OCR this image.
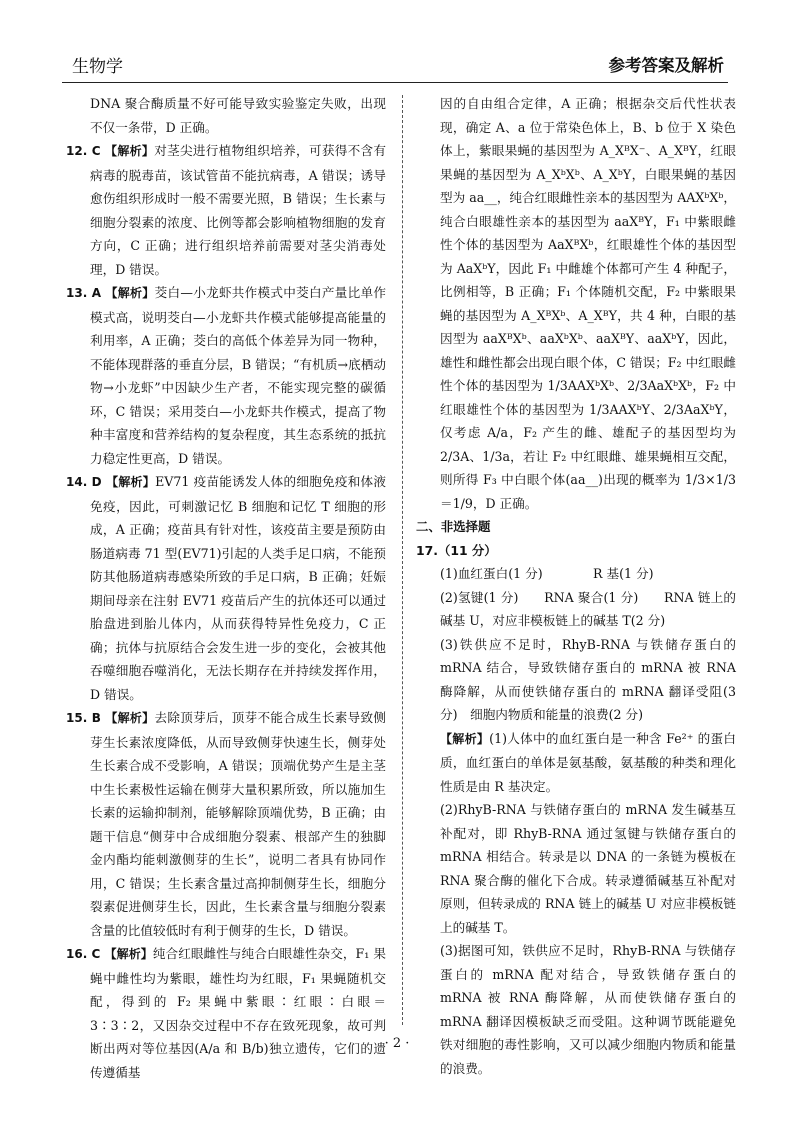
生物学	参考答案及解析

DNA 聚合酶质量不好可能导致实验鉴定失败，出现不仅一条带，D 正确。

12. C 【解析】对茎尖进行植物组织培养，可获得不含有病毒的脱毒苗，该试管苗不能抗病毒，A 错误；诱导愈伤组织形成时一般不需要光照，B 错误；生长素与细胞分裂素的浓度、比例等都会影响植物细胞的发育方向，C 正确；进行组织培养前需要对茎尖消毒处理，D 错误。

13. A 【解析】茭白—小龙虾共作模式中茭白产量比单作模式高，说明茭白—小龙虾共作模式能够提高能量的利用率，A 正确；茭白的高低个体差异为同一物种，不能体现群落的垂直分层，B 错误；“有机质→底栖动物→小龙虾”中因缺少生产者，不能实现完整的碳循环，C 错误；采用茭白—小龙虾共作模式，提高了物种丰富度和营养结构的复杂程度，其生态系统的抵抗力稳定性更高，D 错误。

14. D 【解析】EV71 疫苗能诱发人体的细胞免疫和体液免疫，因此，可刺激记忆 B 细胞和记忆 T 细胞的形成，A 正确；疫苗具有针对性，该疫苗主要是预防由肠道病毒 71 型(EV71)引起的人类手足口病，不能预防其他肠道病毒感染所致的手足口病，B 正确；妊娠期间母亲在注射 EV71 疫苗后产生的抗体还可以通过胎盘进到胎儿体内，从而获得特异性免疫力，C 正确；抗体与抗原结合会发生进一步的变化，会被其他吞噬细胞吞噬消化，无法长期存在并持续发挥作用，D 错误。

15. B 【解析】去除顶芽后，顶芽不能合成生长素导致侧芽生长素浓度降低，从而导致侧芽快速生长，侧芽处生长素合成不受影响，A 错误；顶端优势产生是主茎中生长素极性运输在侧芽大量积累所致，所以施加生长素的运输抑制剂，能够解除顶端优势，B 正确；由题干信息“侧芽中合成细胞分裂素、根部产生的独脚金内酯均能刺激侧芽的生长”，说明二者具有协同作用，C 错误；生长素含量过高抑制侧芽生长，细胞分裂素促进侧芽生长，因此，生长素含量与细胞分裂素含量的比值较低时有利于侧芽的生长，D 错误。

16. C 【解析】纯合红眼雌性与纯合白眼雄性杂交，F₁ 果蝇中雌性均为紫眼，雄性均为红眼，F₁ 果蝇随机交配，得到的 F₂ 果蝇中紫眼∶红眼∶白眼＝3∶3∶2，又因杂交过程中不存在致死现象，故可判断出两对等位基因(A/a 和 B/b)独立遗传，它们的遗传遵循基

因的自由组合定律，A 正确；根据杂交后代性状表现，确定 A、a 位于常染色体上，B、b 位于 X 染色体上，紫眼果蝇的基因型为 A_XᴮX⁻、A_XᴮY，红眼果蝇的基因型为 A_XᵇXᵇ、A_XᵇY，白眼果蝇的基因型为 aa__，纯合红眼雌性亲本的基因型为 AAXᵇXᵇ，纯合白眼雄性亲本的基因型为 aaXᴮY，F₁ 中紫眼雌性个体的基因型为 AaXᴮXᵇ，红眼雄性个体的基因型为 AaXᵇY，因此 F₁ 中雌雄个体都可产生 4 种配子，比例相等，B 正确；F₁ 个体随机交配，F₂ 中紫眼果蝇的基因型为 A_XᴮXᵇ、A_XᴮY，共 4 种，白眼的基因型为 aaXᴮXᵇ、aaXᵇXᵇ、aaXᴮY、aaXᵇY，因此，雄性和雌性都会出现白眼个体，C 错误；F₂ 中红眼雌性个体的基因型为 1/3AAXᵇXᵇ、2/3AaXᵇXᵇ，F₂ 中红眼雄性个体的基因型为 1/3AAXᵇY、2/3AaXᵇY，仅考虑 A/a，F₂ 产生的雌、雄配子的基因型均为 2/3A、1/3a，若让 F₂ 中红眼雌、雄果蝇相互交配，则所得 F₃ 中白眼个体(aa__)出现的概率为 1/3×1/3＝1/9，D 正确。

二、非选择题

17.（11 分）

(1)血红蛋白(1 分)　　　　R 基(1 分)

(2)氢键(1 分)　　RNA 聚合(1 分)　　RNA 链上的碱基 U，对应非模板链上的碱基 T(2 分)

(3)铁供应不足时，RhyB-RNA 与铁储存蛋白的 mRNA 结合，导致铁储存蛋白的 mRNA 被 RNA 酶降解，从而使铁储存蛋白的 mRNA 翻译受阻(3 分)　细胞内物质和能量的浪费(2 分)

【解析】(1)人体中的血红蛋白是一种含 Fe²⁺ 的蛋白质，血红蛋白的单体是氨基酸，氨基酸的种类和理化性质是由 R 基决定。

(2)RhyB-RNA 与铁储存蛋白的 mRNA 发生碱基互补配对，即 RhyB-RNA 通过氢键与铁储存蛋白的 mRNA 相结合。转录是以 DNA 的一条链为模板在 RNA 聚合酶的催化下合成。转录遵循碱基互补配对原则，但转录成的 RNA 链上的碱基 U 对应非模板链上的碱基 T。

(3)据图可知，铁供应不足时，RhyB-RNA 与铁储存蛋白的 mRNA 配对结合，导致铁储存蛋白的 mRNA 被 RNA 酶降解，从而使铁储存蛋白的 mRNA 翻译因模板缺乏而受阻。这种调节既能避免铁对细胞的毒性影响，又可以减少细胞内物质和能量的浪费。

· 2 ·
